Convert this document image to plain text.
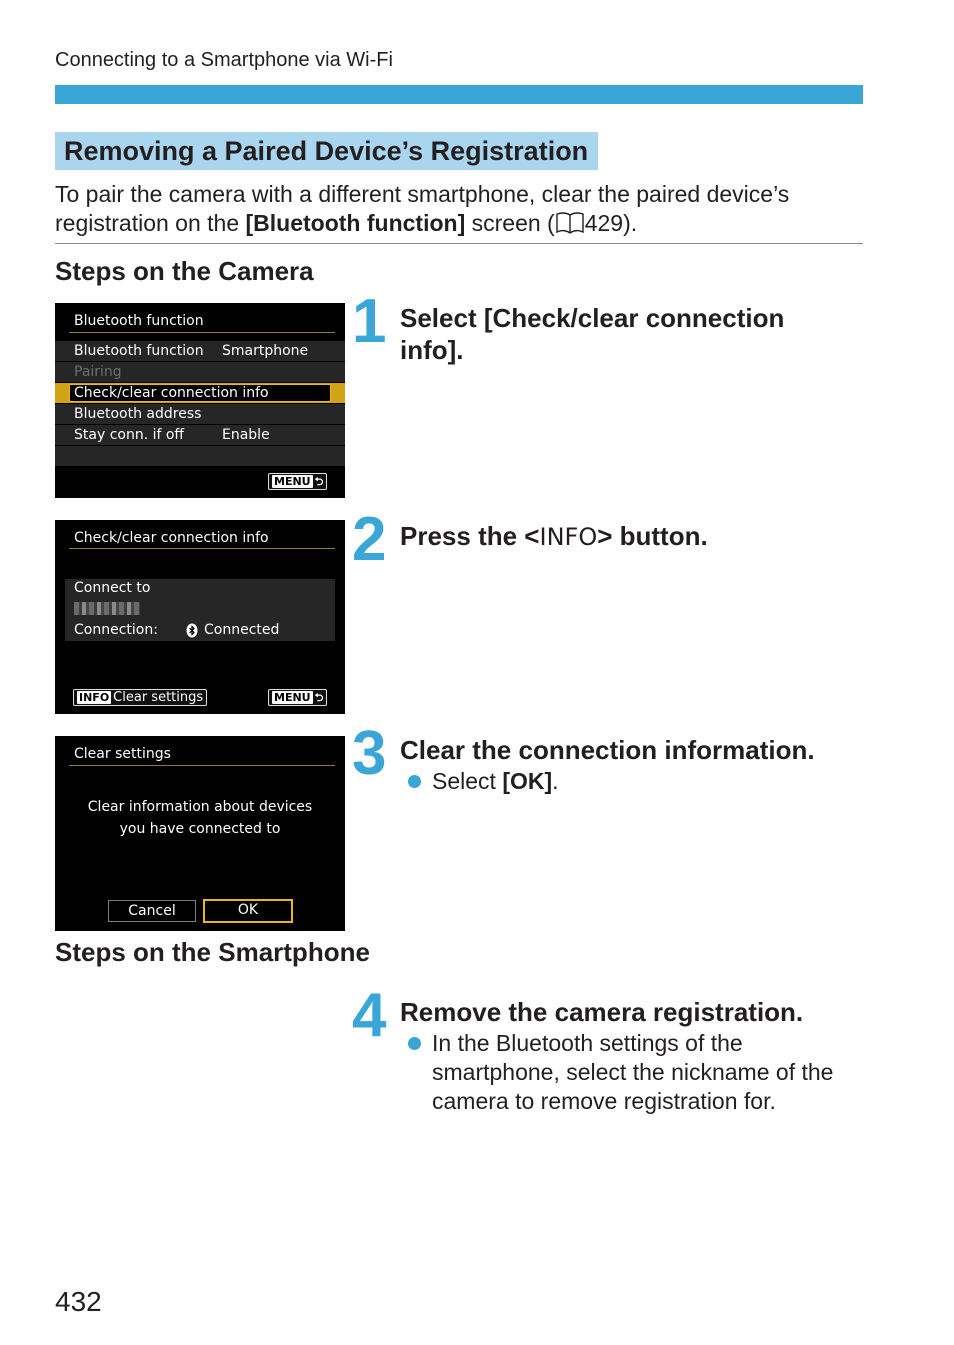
Connecting to a Smartphone via Wi-Fi
Removing a Paired Device’s Registration
To pair the camera with a different smartphone, clear the paired device’s
registration on the [Bluetooth function] screen ( 429).
Steps on the Camera
Bluetooth function
Bluetooth function Smartphone
Pairing
Check/clear connection info
Bluetooth address
Stay conn. if off	Enable
MENU ⮌
Check/clear connection info
Connect to
Connection:	Connected
INFO Clear settings	MENU ⮌
Clear settings
Clear information about devices
you have connected to
Cancel	OK
1 Select [Check/clear connection
info].
2 Press the <INFO> button.
3 Clear the connection information.
Select [OK].
Steps on the Smartphone
4 Remove the camera registration.
In the Bluetooth settings of the
smartphone, select the nickname of the
camera to remove registration for.
432
